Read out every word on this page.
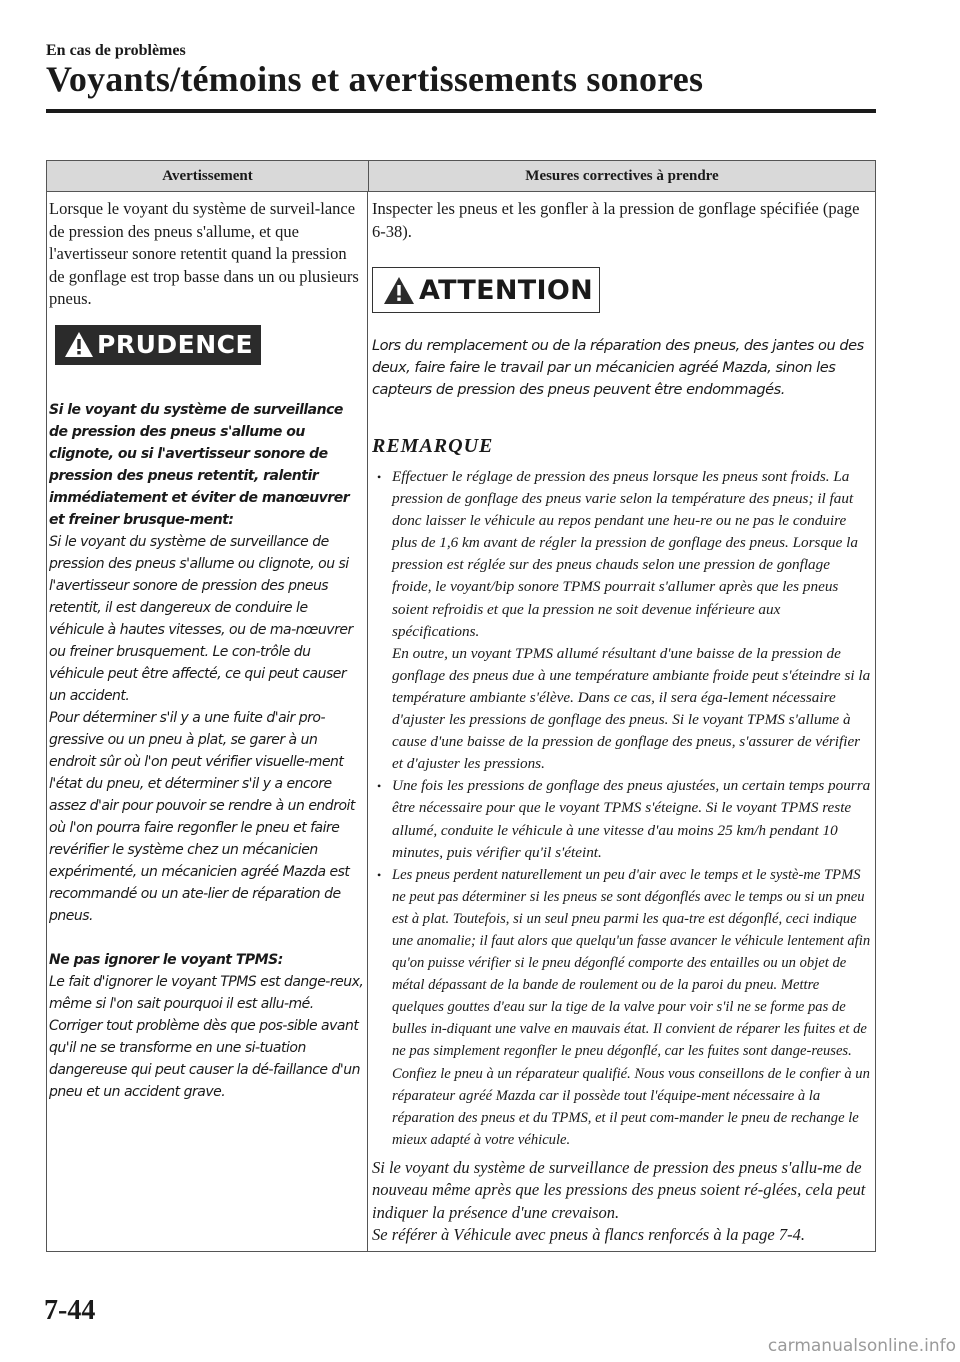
En cas de problèmes
Voyants/témoins et avertissements sonores
Avertissement	Mesures correctives à prendre

Lorsque le voyant du système de surveil-lance de pression des pneus s'allume, et que l'avertisseur sonore retentit quand la pression de gonflage est trop basse dans un ou plusieurs pneus.

PRUDENCE

Si le voyant du système de surveillance de pression des pneus s'allume ou clignote, ou si l'avertisseur sonore de pression des pneus retentit, ralentir immédiatement et éviter de manœuvrer et freiner brusque-ment:

Si le voyant du système de surveillance de pression des pneus s'allume ou clignote, ou si l'avertisseur sonore de pression des pneus retentit, il est dangereux de conduire le véhicule à hautes vitesses, ou de ma-nœuvrer ou freiner brusquement. Le con-trôle du véhicule peut être affecté, ce qui peut causer un accident.

Pour déterminer s'il y a une fuite d'air pro-gressive ou un pneu à plat, se garer à un endroit sûr où l'on peut vérifier visuelle-ment l'état du pneu, et déterminer s'il y a encore assez d'air pour pouvoir se rendre à un endroit où l'on pourra faire regonfler le pneu et faire revérifier le système chez un mécanicien expérimenté, un mécanicien agréé Mazda est recommandé ou un ate-lier de réparation de pneus.

Ne pas ignorer le voyant TPMS:

Le fait d'ignorer le voyant TPMS est dange-reux, même si l'on sait pourquoi il est allu-mé. Corriger tout problème dès que pos-sible avant qu'il ne se transforme en une si-tuation dangereuse qui peut causer la dé-faillance d'un pneu et un accident grave.

Inspecter les pneus et les gonfler à la pression de gonflage spécifiée (page 6-38).

ATTENTION

Lors du remplacement ou de la réparation des pneus, des jantes ou des deux, faire faire le travail par un mécanicien agréé Mazda, sinon les capteurs de pression des pneus peuvent être endommagés.

REMARQUE
• Effectuer le réglage de pression des pneus lorsque les pneus sont froids. La pression de gonflage des pneus varie selon la température des pneus; il faut donc laisser le véhicule au repos pendant une heu-re ou ne pas le conduire plus de 1,6 km avant de régler la pression de gonflage des pneus. Lorsque la pression est réglée sur des pneus chauds selon une pression de gonflage froide, le voyant/bip sonore TPMS pourrait s'allumer après que les pneus soient refroidis et que la pression ne soit devenue inférieure aux spécifications.
En outre, un voyant TPMS allumé résultant d'une baisse de la pression de gonflage des pneus due à une température ambiante froide peut s'éteindre si la température ambiante s'élève. Dans ce cas, il sera éga-lement nécessaire d'ajuster les pressions de gonflage des pneus. Si le voyant TPMS s'allume à cause d'une baisse de la pression de gonflage des pneus, s'assurer de vérifier et d'ajuster les pressions.
• Une fois les pressions de gonflage des pneus ajustées, un certain temps pourra être nécessaire pour que le voyant TPMS s'éteigne. Si le voyant TPMS reste allumé, conduite le véhicule à une vitesse d'au moins 25 km/h pendant 10 minutes, puis vérifier qu'il s'éteint.
• Les pneus perdent naturellement un peu d'air avec le temps et le systè-me TPMS ne peut pas déterminer si les pneus se sont dégonflés avec le temps ou si un pneu est à plat. Toutefois, si un seul pneu parmi les qua-tre est dégonflé, ceci indique une anomalie; il faut alors que quelqu'un fasse avancer le véhicule lentement afin qu'on puisse vérifier si le pneu dégonflé comporte des entailles ou un objet de métal dépassant de la bande de roulement ou de la paroi du pneu. Mettre quelques gouttes d'eau sur la tige de la valve pour voir s'il ne se forme pas de bulles in-diquant une valve en mauvais état. Il convient de réparer les fuites et de ne pas simplement regonfler le pneu dégonflé, car les fuites sont dange-reuses. Confiez le pneu à un réparateur qualifié. Nous vous conseillons de le confier à un réparateur agréé Mazda car il possède tout l'équipe-ment nécessaire à la réparation des pneus et du TPMS, et il peut com-mander le pneu de rechange le mieux adapté à votre véhicule.

Si le voyant du système de surveillance de pression des pneus s'allu-me de nouveau même après que les pressions des pneus soient ré-glées, cela peut indiquer la présence d'une crevaison.

Se référer à Véhicule avec pneus à flancs renforcés à la page 7-4.

7-44
carmanualsonline.info
